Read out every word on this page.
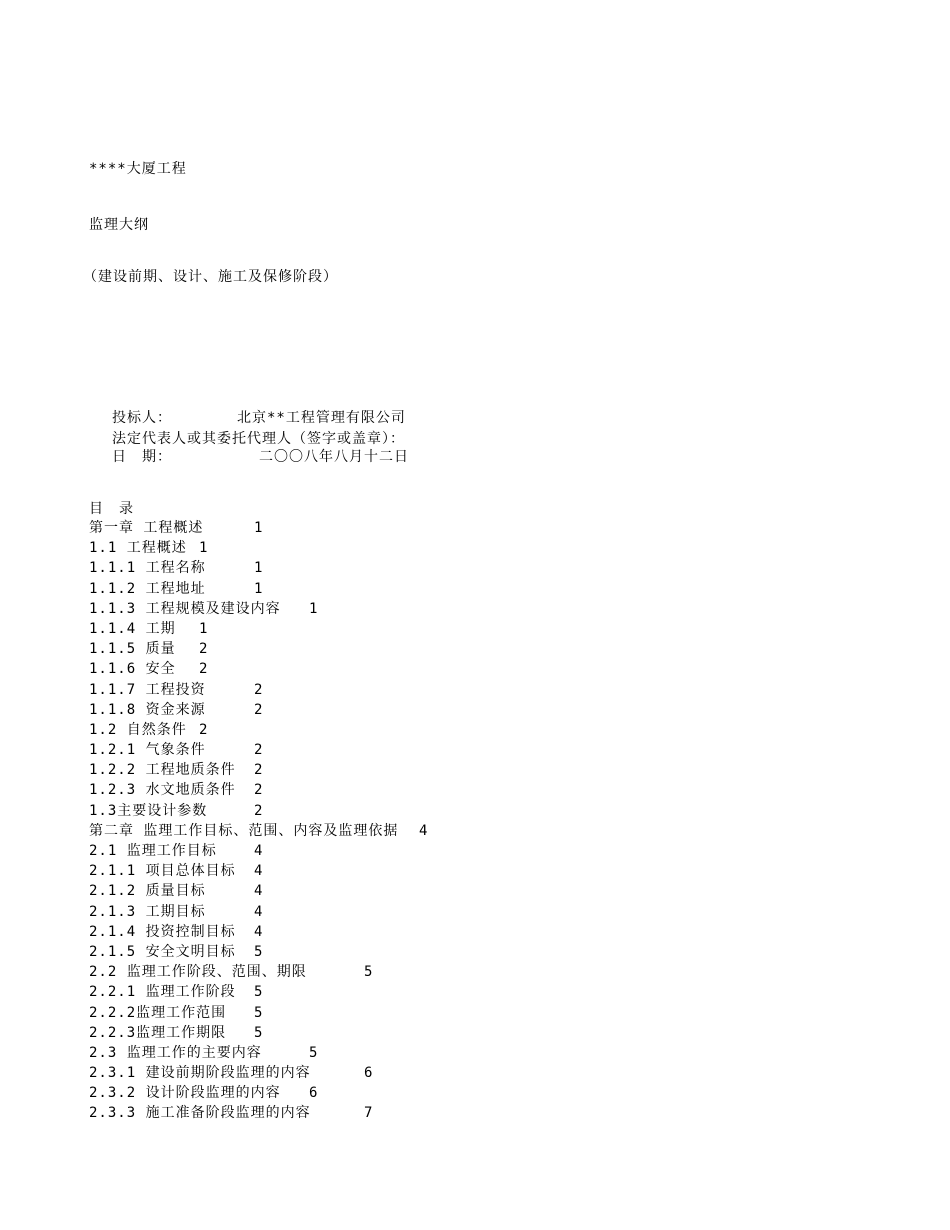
****大厦工程
监理大纲
（建设前期、设计、施工及保修阶段）
投标人：	北京**工程管理有限公司
法定代表人或其委托代理人（签字或盖章）：
日　期：	二〇〇八年八月十二日
目　录
第一章 工程概述	1
1.1 工程概述 1
1.1.1 工程名称	1
1.1.2 工程地址	1
1.1.3 工程规模及建设内容 1
1.1.4 工期 1
1.1.5 质量 2
1.1.6 安全 2
1.1.7 工程投资	2
1.1.8 资金来源	2
1.2 自然条件 2
1.2.1 气象条件	2
1.2.2 工程地质条件 2
1.2.3 水文地质条件 2
1.3主要设计参数	2
第二章 监理工作目标、范围、内容及监理依据 4
2.1 监理工作目标	4
2.1.1 项目总体目标 4
2.1.2 质量目标	4
2.1.3 工期目标	4
2.1.4 投资控制目标 4
2.1.5 安全文明目标 5
2.2 监理工作阶段、范围、期限	5
2.2.1 监理工作阶段 5
2.2.2监理工作范围 5
2.2.3监理工作期限 5
2.3 监理工作的主要内容	5
2.3.1 建设前期阶段监理的内容	6
2.3.2 设计阶段监理的内容 6
2.3.3 施工准备阶段监理的内容	7
